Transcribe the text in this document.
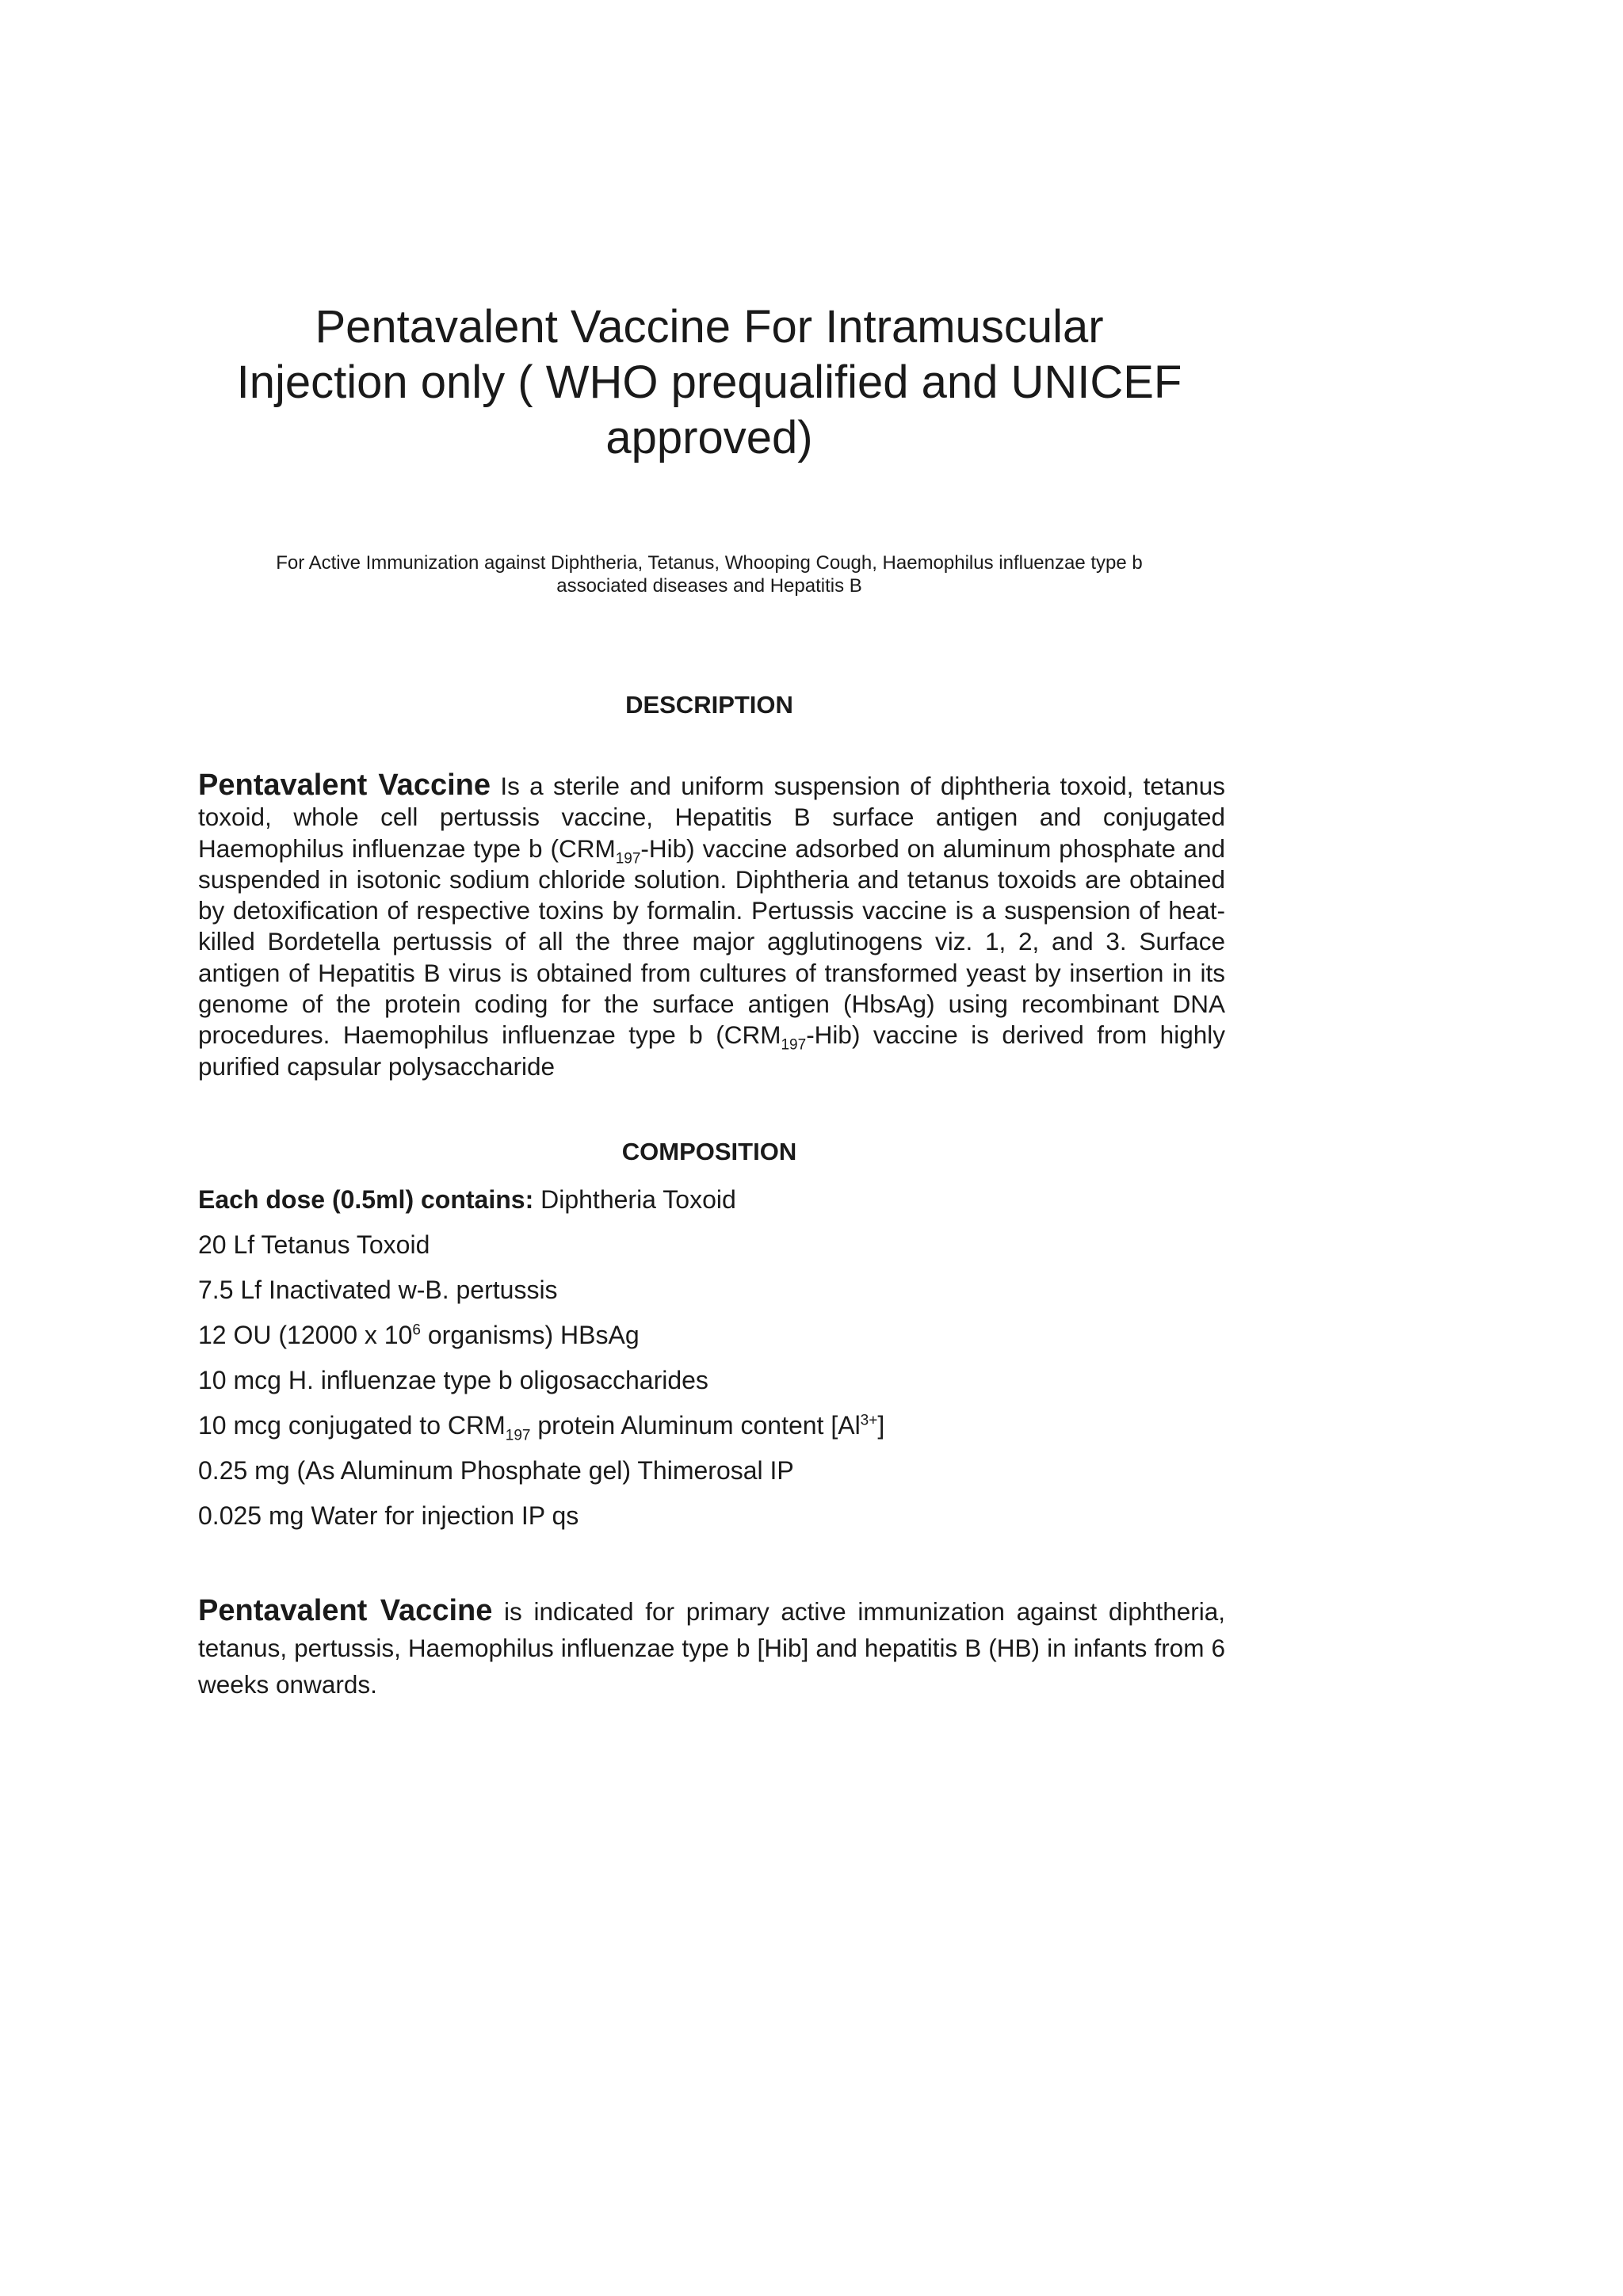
Pentavalent Vaccine For Intramuscular
Injection only ( WHO prequalified and UNICEF
approved)

For Active Immunization against Diphtheria, Tetanus, Whooping Cough, Haemophilus influenzae type b
associated diseases and Hepatitis B

DESCRIPTION

Pentavalent Vaccine Is a sterile and uniform suspension of diphtheria toxoid, tetanus toxoid, whole cell pertussis vaccine, Hepatitis B surface antigen and conjugated Haemophilus influenzae type b $(CRM_{197}-Hib)$ vaccine adsorbed on aluminum phosphate and suspended in isotonic sodium chloride solution. Diphtheria and tetanus toxoids are obtained by detoxification of respective toxins by formalin. Pertussis vaccine is a suspension of heat-killed Bordetella pertussis of all the three major agglutinogens viz. 1, 2, and 3. Surface antigen of Hepatitis B virus is obtained from cultures of transformed yeast by insertion in its genome of the protein coding for the surface antigen (HbsAg) using recombinant DNA procedures. Haemophilus influenzae type b $(CRM_{197}-Hib)$ vaccine is derived from highly purified capsular polysaccharide

COMPOSITION
Each dose (0.5ml) contains: Diphtheria Toxoid
20 Lf Tetanus Toxoid
7.5 Lf Inactivated w-B. pertussis
12 OU (12000 x $10^6$ organisms) HBsAg
10 mcg H. influenzae type b oligosaccharides
10 mcg conjugated to $CRM_{197}$ protein Aluminum content $[Al^{3+}]$
0.25 mg (As Aluminum Phosphate gel) Thimerosal IP
0.025 mg Water for injection IP qs

Pentavalent Vaccine is indicated for primary active immunization against diphtheria, tetanus, pertussis, Haemophilus influenzae type b [Hib] and hepatitis B (HB) in infants from 6 weeks onwards.
